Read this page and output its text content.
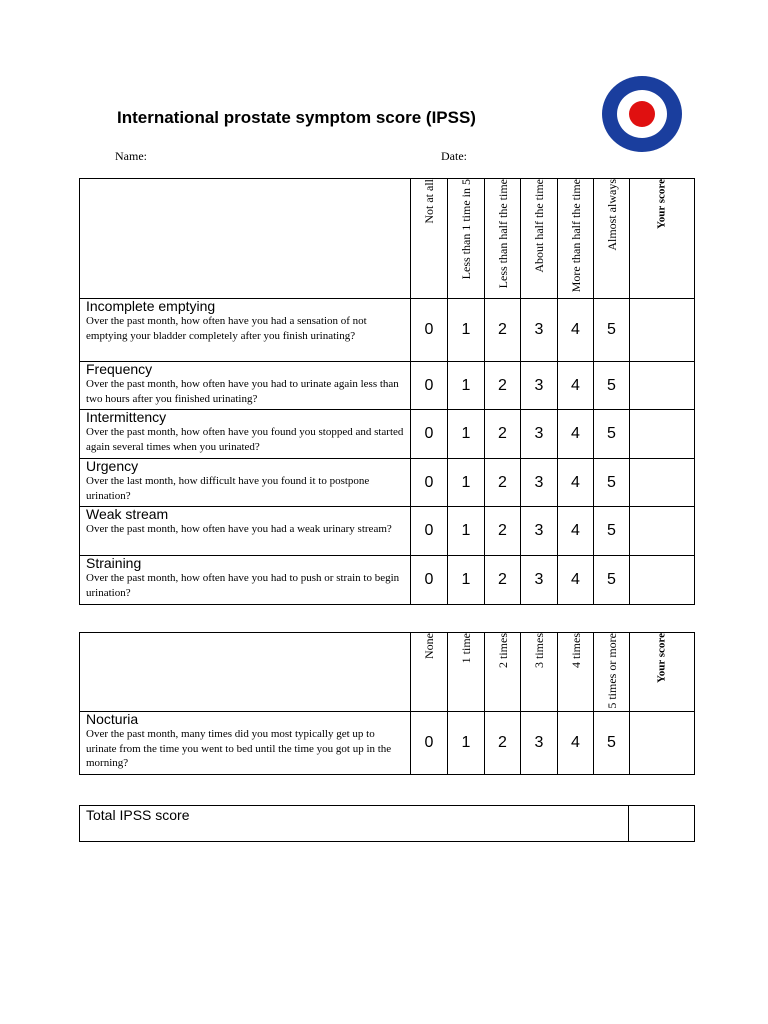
International prostate symptom score (IPSS)
Name:	Date:

	Not at all	Less than 1 time in 5	Less than half the time	About half the time	More than half the time	Almost always	Your score

Incomplete emptying
Over the past month, how often have you had a sensation of not emptying your bladder completely after you finish urinating?	0	1	2	3	4	5	

Frequency
Over the past month, how often have you had to urinate again less than two hours after you finished urinating?	0	1	2	3	4	5	

Intermittency
Over the past month, how often have you found you stopped and started again several times when you urinated?	0	1	2	3	4	5	

Urgency
Over the last month, how difficult have you found it to postpone urination?	0	1	2	3	4	5	

Weak stream
Over the past month, how often have you had a weak urinary stream?	0	1	2	3	4	5	

Straining
Over the past month, how often have you had to push or strain to begin urination?	0	1	2	3	4	5	

	None	1 time	2 times	3 times	4 times	5 times or more	Your score

Nocturia
Over the past month, many times did you most typically get up to urinate from the time you went to bed until the time you got up in the morning?	0	1	2	3	4	5	
Total IPSS score	
